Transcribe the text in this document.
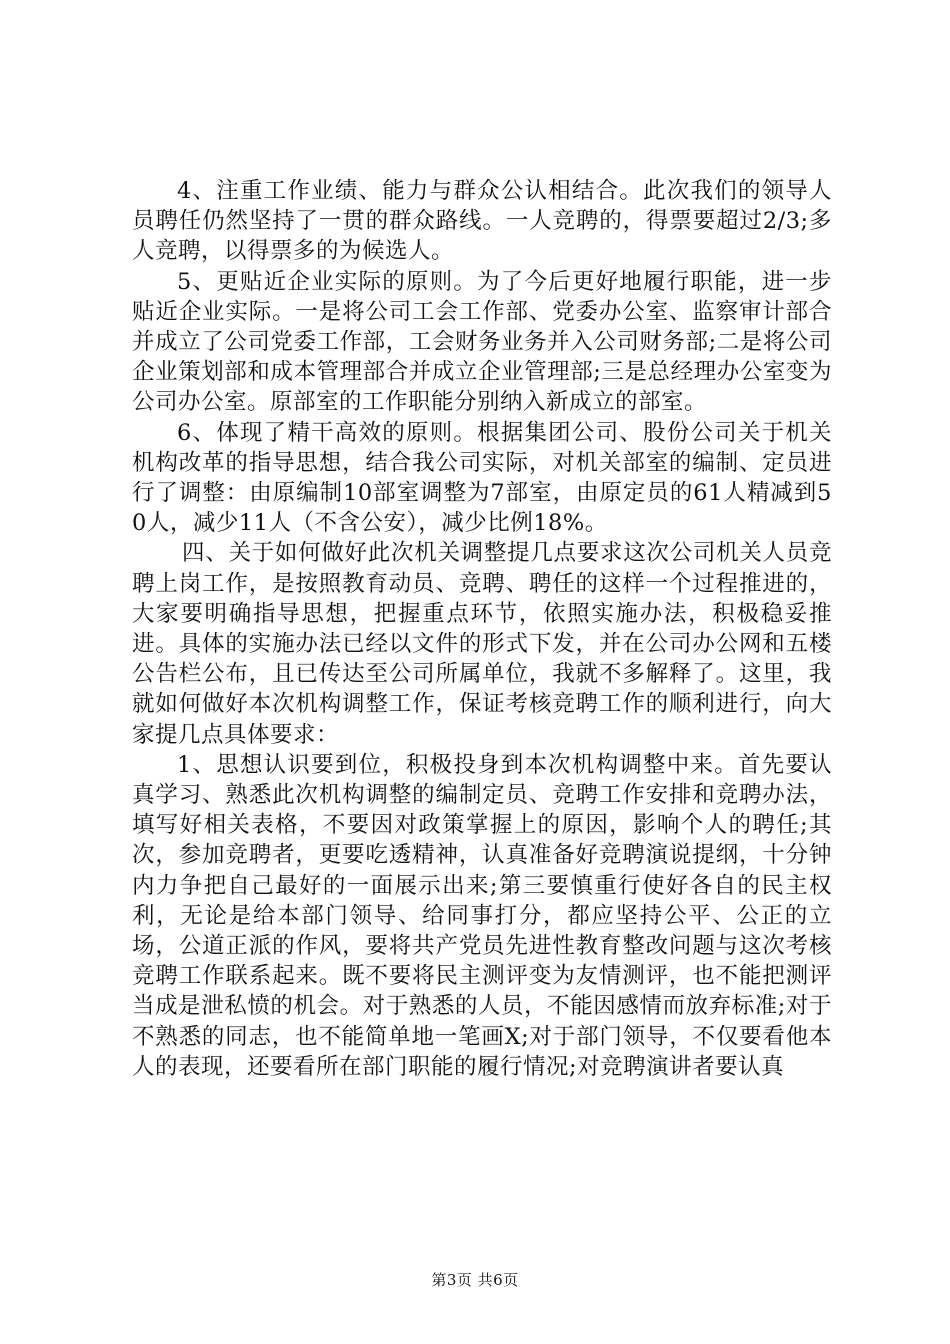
4、注重工作业绩、能力与群众公认相结合。此次我们的领导人员聘任仍然坚持了一贯的群众路线。一人竞聘的，得票要超过2/3;多人竞聘，以得票多的为候选人。

5、更贴近企业实际的原则。为了今后更好地履行职能，进一步贴近企业实际。一是将公司工会工作部、党委办公室、监察审计部合并成立了公司党委工作部，工会财务业务并入公司财务部;二是将公司企业策划部和成本管理部合并成立企业管理部;三是总经理办公室变为公司办公室。原部室的工作职能分别纳入新成立的部室。

6、体现了精干高效的原则。根据集团公司、股份公司关于机关机构改革的指导思想，结合我公司实际，对机关部室的编制、定员进行了调整：由原编制10部室调整为7部室，由原定员的61人精减到50人，减少11人（不含公安），减少比例18%。

四、关于如何做好此次机关调整提几点要求这次公司机关人员竞聘上岗工作，是按照教育动员、竞聘、聘任的这样一个过程推进的，大家要明确指导思想，把握重点环节，依照实施办法，积极稳妥推进。具体的实施办法已经以文件的形式下发，并在公司办公网和五楼公告栏公布，且已传达至公司所属单位，我就不多解释了。这里，我就如何做好本次机构调整工作，保证考核竞聘工作的顺利进行，向大家提几点具体要求：

1、思想认识要到位，积极投身到本次机构调整中来。首先要认真学习、熟悉此次机构调整的编制定员、竞聘工作安排和竞聘办法，填写好相关表格，不要因对政策掌握上的原因，影响个人的聘任;其次，参加竞聘者，更要吃透精神，认真准备好竞聘演说提纲，十分钟内力争把自己最好的一面展示出来;第三要慎重行使好各自的民主权利，无论是给本部门领导、给同事打分，都应坚持公平、公正的立场，公道正派的作风，要将共产党员先进性教育整改问题与这次考核竞聘工作联系起来。既不要将民主测评变为友情测评，也不能把测评当成是泄私愤的机会。对于熟悉的人员，不能因感情而放弃标准;对于不熟悉的同志，也不能简单地一笔画X;对于部门领导，不仅要看他本人的表现，还要看所在部门职能的履行情况;对竞聘演讲者要认真

第3页 共6页
